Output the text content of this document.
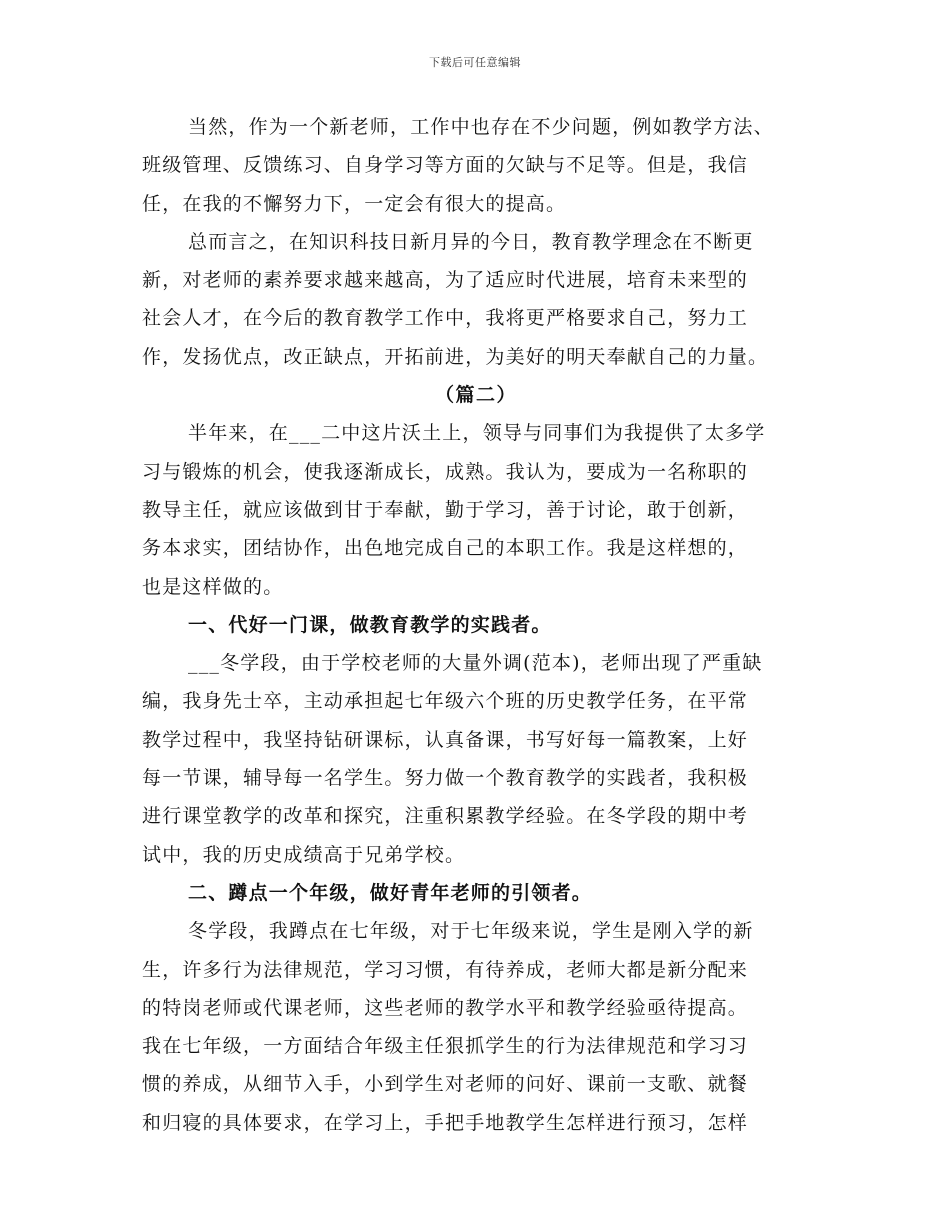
下载后可任意编辑

当然，作为一个新老师，工作中也存在不少问题，例如教学方法、
班级管理、反馈练习、自身学习等方面的欠缺与不足等。但是，我信
任，在我的不懈努力下，一定会有很大的提高。

总而言之，在知识科技日新月异的今日，教育教学理念在不断更
新，对老师的素养要求越来越高，为了适应时代进展，培育未来型的
社会人才，在今后的教育教学工作中，我将更严格要求自己，努力工
作，发扬优点，改正缺点，开拓前进，为美好的明天奉献自己的力量。

（篇二）

半年来，在___二中这片沃土上，领导与同事们为我提供了太多学
习与锻炼的机会，使我逐渐成长，成熟。我认为，要成为一名称职的
教导主任，就应该做到甘于奉献，勤于学习，善于讨论，敢于创新，
务本求实，团结协作，出色地完成自己的本职工作。我是这样想的，
也是这样做的。

一、代好一门课，做教育教学的实践者。

___冬学段，由于学校老师的大量外调(范本)，老师出现了严重缺
编，我身先士卒，主动承担起七年级六个班的历史教学任务，在平常
教学过程中，我坚持钻研课标，认真备课，书写好每一篇教案，上好
每一节课，辅导每一名学生。努力做一个教育教学的实践者，我积极
进行课堂教学的改革和探究，注重积累教学经验。在冬学段的期中考
试中，我的历史成绩高于兄弟学校。

二、蹲点一个年级，做好青年老师的引领者。

冬学段，我蹲点在七年级，对于七年级来说，学生是刚入学的新
生，许多行为法律规范，学习习惯，有待养成，老师大都是新分配来
的特岗老师或代课老师，这些老师的教学水平和教学经验亟待提高。
我在七年级，一方面结合年级主任狠抓学生的行为法律规范和学习习
惯的养成，从细节入手，小到学生对老师的问好、课前一支歌、就餐
和归寝的具体要求，在学习上，手把手地教学生怎样进行预习，怎样
